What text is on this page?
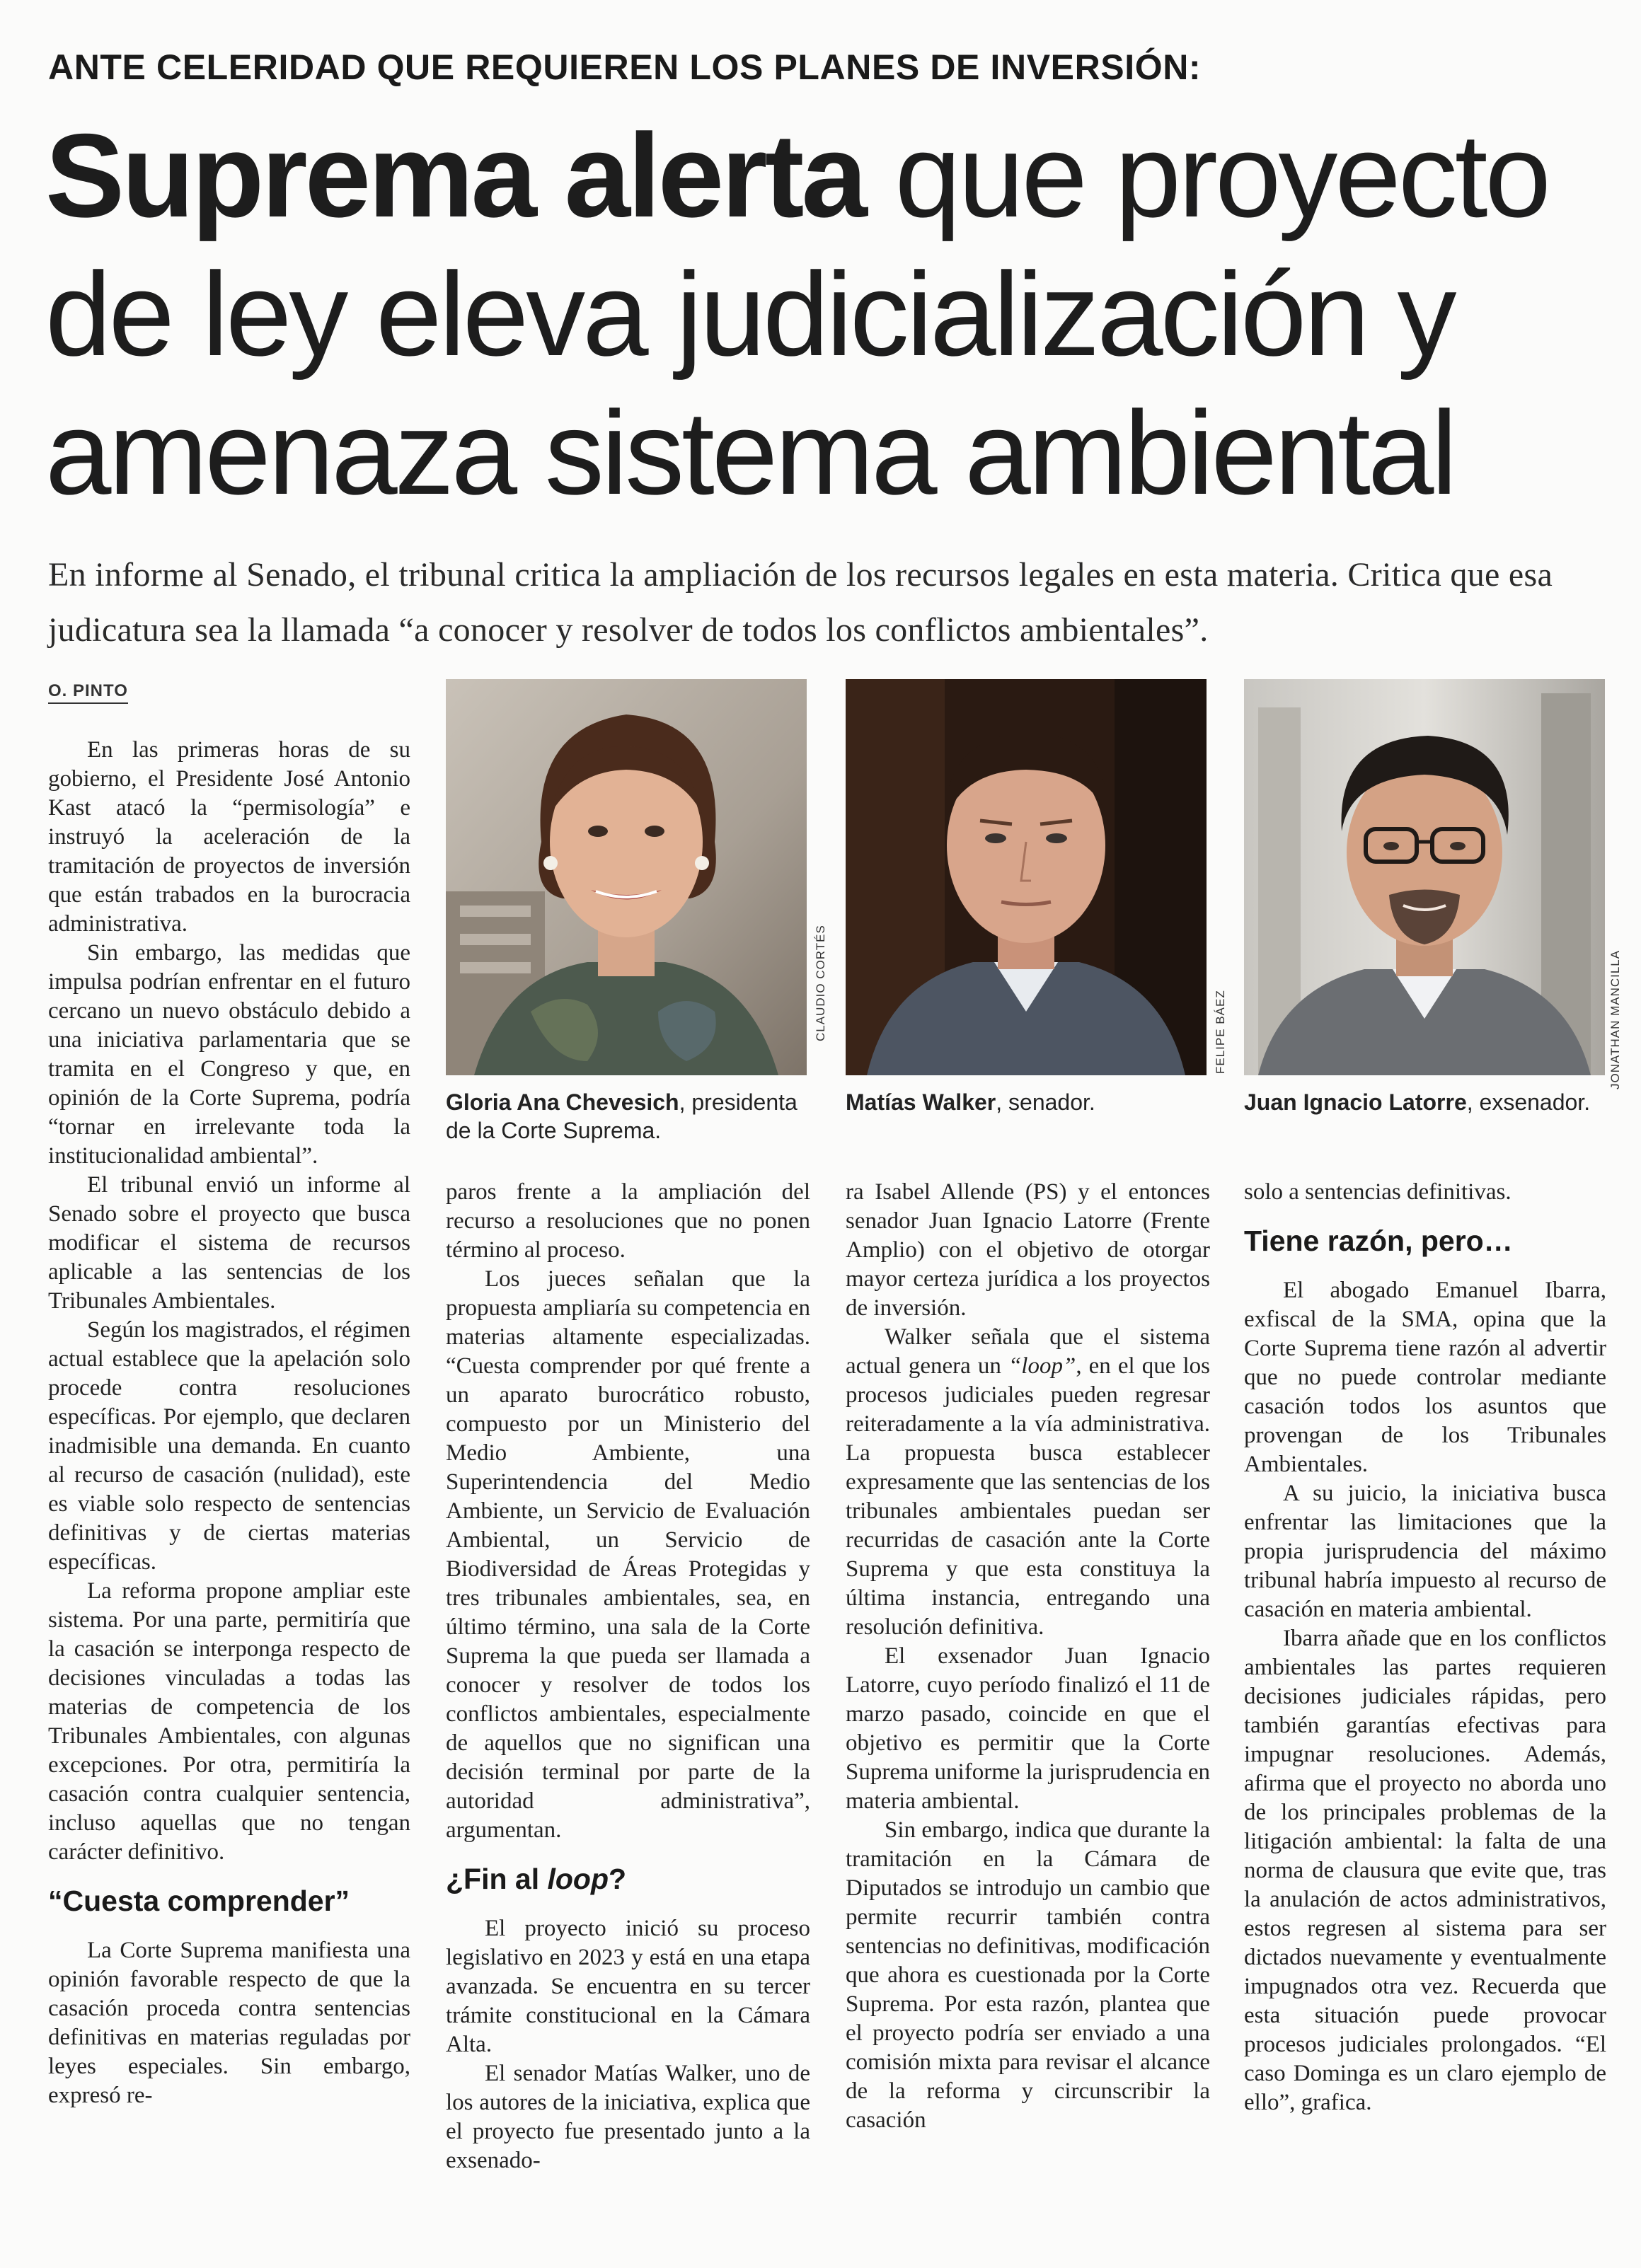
ANTE CELERIDAD QUE REQUIEREN LOS PLANES DE INVERSIÓN:
Suprema alerta que proyecto
de ley eleva judicialización y
amenaza sistema ambiental
En informe al Senado, el tribunal critica la ampliación de los recursos legales en esta materia. Critica que esa judicatura sea la llamada “a conocer y resolver de todos los conflictos ambientales”.
O. PINTO
CLAUDIO CORTÉS	FELIPE BÁEZ	JONATHAN MANCILLA
Gloria Ana Chevesich, presidenta de la Corte Suprema.
Matías Walker, senador.	Juan Ignacio Latorre, exsenador.

En las primeras horas de su gobierno, el Presidente José Antonio Kast atacó la “permisología” e instruyó la aceleración de la tramitación de proyectos de inversión que están trabados en la burocracia administrativa.

Sin embargo, las medidas que impulsa podrían enfrentar en el futuro cercano un nuevo obstáculo debido a una iniciativa parlamentaria que se tramita en el Congreso y que, en opinión de la Corte Suprema, podría “tornar en irrelevante toda la institucionalidad ambiental”.

El tribunal envió un informe al Senado sobre el proyecto que busca modificar el sistema de recursos aplicable a las sentencias de los Tribunales Ambientales.

Según los magistrados, el régimen actual establece que la apelación solo procede contra resoluciones específicas. Por ejemplo, que declaren inadmisible una demanda. En cuanto al recurso de casación (nulidad), este es viable solo respecto de sentencias definitivas y de ciertas materias específicas.

La reforma propone ampliar este sistema. Por una parte, permitiría que la casación se interponga respecto de decisiones vinculadas a todas las materias de competencia de los Tribunales Ambientales, con algunas excepciones. Por otra, permitiría la casación contra cualquier sentencia, incluso aquellas que no tengan carácter definitivo.

“Cuesta comprender”

La Corte Suprema manifiesta una opinión favorable respecto de que la casación proceda contra sentencias definitivas en materias reguladas por leyes especiales. Sin embargo, expresó re-

paros frente a la ampliación del recurso a resoluciones que no ponen término al proceso.

Los jueces señalan que la propuesta ampliaría su competencia en materias altamente especializadas. “Cuesta comprender por qué frente a un aparato burocrático robusto, compuesto por un Ministerio del Medio Ambiente, una Superintendencia del Medio Ambiente, un Servicio de Evaluación Ambiental, un Servicio de Biodiversidad de Áreas Protegidas y tres tribunales ambientales, sea, en último término, una sala de la Corte Suprema la que pueda ser llamada a conocer y resolver de todos los conflictos ambientales, especialmente de aquellos que no significan una decisión terminal por parte de la autoridad administrativa”, argumentan.

¿Fin al loop?

El proyecto inició su proceso legislativo en 2023 y está en una etapa avanzada. Se encuentra en su tercer trámite constitucional en la Cámara Alta.

El senador Matías Walker, uno de los autores de la iniciativa, explica que el proyecto fue presentado junto a la exsenado-

ra Isabel Allende (PS) y el entonces senador Juan Ignacio Latorre (Frente Amplio) con el objetivo de otorgar mayor certeza jurídica a los proyectos de inversión.

Walker señala que el sistema actual genera un “loop”, en el que los procesos judiciales pueden regresar reiteradamente a la vía administrativa. La propuesta busca establecer expresamente que las sentencias de los tribunales ambientales puedan ser recurridas de casación ante la Corte Suprema y que esta constituya la última instancia, entregando una resolución definitiva.

El exsenador Juan Ignacio Latorre, cuyo período finalizó el 11 de marzo pasado, coincide en que el objetivo es permitir que la Corte Suprema uniforme la jurisprudencia en materia ambiental.

Sin embargo, indica que durante la tramitación en la Cámara de Diputados se introdujo un cambio que permite recurrir también contra sentencias no definitivas, modificación que ahora es cuestionada por la Corte Suprema. Por esta razón, plantea que el proyecto podría ser enviado a una comisión mixta para revisar el alcance de la reforma y circunscribir la casación

solo a sentencias definitivas.

Tiene razón, pero…

El abogado Emanuel Ibarra, exfiscal de la SMA, opina que la Corte Suprema tiene razón al advertir que no puede controlar mediante casación todos los asuntos que provengan de los Tribunales Ambientales.

A su juicio, la iniciativa busca enfrentar las limitaciones que la propia jurisprudencia del máximo tribunal habría impuesto al recurso de casación en materia ambiental.

Ibarra añade que en los conflictos ambientales las partes requieren decisiones judiciales rápidas, pero también garantías efectivas para impugnar resoluciones. Además, afirma que el proyecto no aborda uno de los principales problemas de la litigación ambiental: la falta de una norma de clausura que evite que, tras la anulación de actos administrativos, estos regresen al sistema para ser dictados nuevamente y eventualmente impugnados otra vez. Recuerda que esta situación puede provocar procesos judiciales prolongados. “El caso Dominga es un claro ejemplo de ello”, grafica.
